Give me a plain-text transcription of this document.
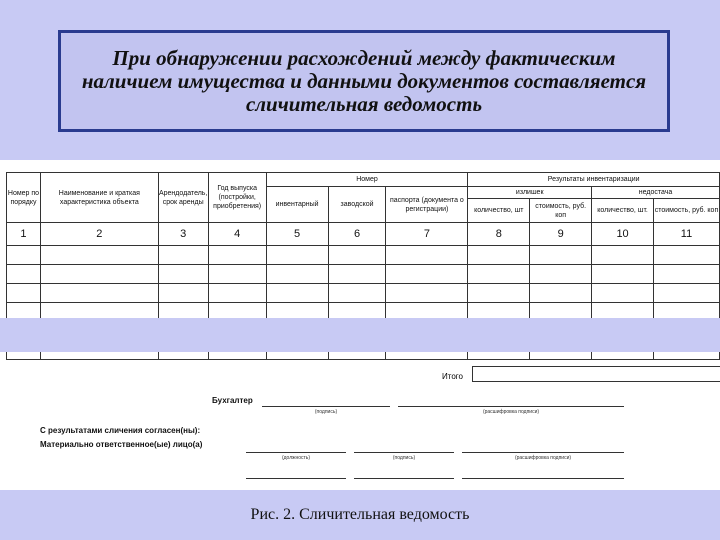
При обнаружении расхождений между фактическим наличием имущества и данными документов составляется сличительная ведомость
Номер по порядку	Наименование и краткая характеристика объекта	Арендодатель, срок аренды	Год выпуска (постройки, приобретения)	Номер			Результаты инвентаризации			
				инвентарный	заводской	паспорта (документа о регистрации)	излишек		недостача	
							количество, шт	стоимость, руб. коп	количество, шт.	стоимость, руб. коп
1	2	3	4	5	6	7	8	9	10	11

Итого
Бухгалтер
(подпись)	(расшифровка подписи)
С результатами сличения согласен(ны):
Материально ответственное(ые) лицо(а)
(должность)	(подпись)	(расшифровка подписи)
Рис. 2. Сличительная ведомость
